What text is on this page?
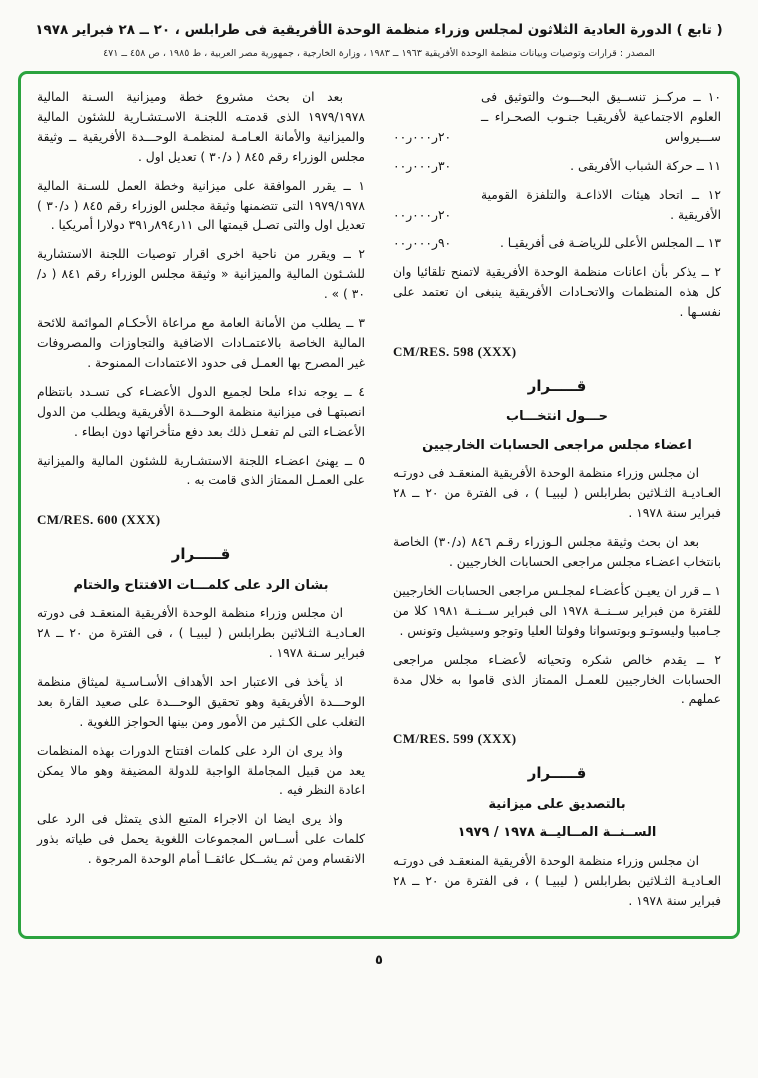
( تابع ) الدورة العادية الثلاثون لمجلس وزراء منظمة الوحدة الأفريقية فى طرابلس ، ٢٠ ــ ٢٨ فبراير ١٩٧٨
المصدر : قرارات وتوصيات وبيانات منظمة الوحدة الأفريقية ١٩٦٣ ــ ١٩٨٣ ، وزارة الخارجية ، جمهورية مصر العربية ، ط ١٩٨٥ ، ص ٤٥٨ ــ ٤٧١
١٠ ــ مركــز تنســيق البحـــوث والتوثيق فى العلوم الاجتماعية لأفريقيـا جنـوب الصحـراء ــ ســـيرواس
٢٠ر٠٠٠ر٠٠
١١ ــ حركة الشباب الأفريقى .
٣٠ر٠٠٠ر٠٠
١٢ ــ اتحاد هيئات الاذاعـة والتلفزة القومية الأفريقية .
٢٠ر٠٠٠ر٠٠
١٣ ــ المجلس الأعلى للرياضـة فى أفريقيـا .
٩٠ر٠٠٠ر٠٠
٢ ــ يذكر بأن اعانات منظمة الوحدة الأفريقية لاتمنح تلقائيا وان كل هذه المنظمات والاتحـادات الأفريقية ينبغى ان تعتمد على نفسـها .
CM/RES. 598 (XXX)
قـــــرار
حـــول انتخـــاب
اعضاء مجلس مراجعى الحسابات الخارجيين
ان مجلس وزراء منظمة الوحدة الأفريقية المنعقـد فى دورتـه العـاديـة الثـلاثين بطرابلس ( ليبيـا ) ، فى الفترة من ٢٠ ــ ٢٨ فبراير سنة ١٩٧٨ .
بعد ان بحث وثيقة مجلس الـوزراء رقـم ٨٤٦ (د/٣٠) الخاصة بانتخاب اعضـاء مجلس مراجعى الحسابات الخارجيين .
١ ــ قرر ان يعيـن كأعضـاء لمجلـس مراجعى الحسابات الخارجيين للفترة من فبراير ســنــة ١٩٧٨ الى فبراير ســنــة ١٩٨١ كلا من جـامبيا وليسوتـو وبوتسوانا وفولتا العليا وتوجو وسيشيل وتونس .
٢ ــ يقدم خالص شكره وتحياته لأعضـاء مجلس مراجعى الحسابات الخارجيين للعمـل الممتاز الذى قاموا به خلال مدة عملهم .
CM/RES. 599 (XXX)
قـــــرار
بالتصديق على ميزانية
الســنــة المــاليــة ١٩٧٨ / ١٩٧٩
ان مجلس وزراء منظمة الوحدة الأفريقية المنعقـد فى دورتـه العـاديـة الثـلاثين بطرابلس ( ليبيـا ) ، فى الفترة من ٢٠ ــ ٢٨ فبراير سنة ١٩٧٨ .
بعد ان بحث مشروع خطة وميزانية السـنة المالية ١٩٧٩/١٩٧٨ الذى قدمتـه اللجنـة الاسـتشـارية للشئون المالية والميزانية والأمانة العـامـة لمنظمـة الوحـــدة الأفريقية ــ وثيقة مجلس الوزراء رقم ٨٤٥ ( د/٣٠ ) تعديل اول .
١ ــ يقرر الموافقة على ميزانية وخطة العمل للسـنة المالية ١٩٧٩/١٩٧٨ التى تتضمنها وثيقة مجلس الوزراء رقم ٨٤٥ ( د/٣٠ ) تعديل اول والتى تصـل قيمتها الى ١١ر٨٩٤ر٣٩١ دولارا أمريكيا .
٢ ــ ويقرر من ناحية اخرى اقرار توصيات اللجنة الاستشارية للشـئون المالية والميزانية « وثيقة مجلس الوزراء رقم ٨٤١ ( د/٣٠ ) » .
٣ ــ يطلب من الأمانة العامة مع مراعاة الأحكـام الموائمة للائحة المالية الخاصة بالاعتمـادات الاضافية والتجاوزات والمصروفات غير المصرح بها العمـل فى حدود الاعتمادات الممنوحة .
٤ ــ يوجه نداء ملحا لجميع الدول الأعضـاء كى تسـدد بانتظام انصبتهـا فى ميزانية منظمة الوحـــدة الأفريقية ويطلب من الدول الأعضـاء التى لم تفعـل ذلك بعد دفع متأخراتها دون ابطاء .
٥ ــ يهنئ اعضـاء اللجنة الاستشـارية للشئون المالية والميزانية على العمـل الممتاز الذى قامت به .
CM/RES. 600 (XXX)
قـــــرار
بشان الرد على كلمـــات الافتتاح والختام
ان مجلس وزراء منظمة الوحدة الأفريقية المنعقـد فى دورته العـاديـة الثـلاثين بطرابلس ( ليبيـا ) ، فى الفترة من ٢٠ ــ ٢٨ فبراير سـنة ١٩٧٨ .
اذ يأخذ فى الاعتبار احد الأهداف الأسـاسـية لميثاق منظمة الوحـــدة الأفريقية وهو تحقيق الوحـــدة على صعيد القارة بعد التغلب على الكـثير من الأمور ومن بينها الحواجز اللغوية .
واذ يرى ان الرد على كلمات افتتاح الدورات بهذه المنظمات يعد من قبيل المجاملة الواجبة للدولة المضيفة وهو مالا يمكن اعادة النظر فيه .
واذ يرى ايضا ان الاجراء المتبع الذى يتمثل فى الرد على كلمات على أســاس المجموعات اللغوية يحمل فى طياته بذور الانقسام ومن ثم يشــكل عائقــا أمام الوحدة المرجوة .
٥
